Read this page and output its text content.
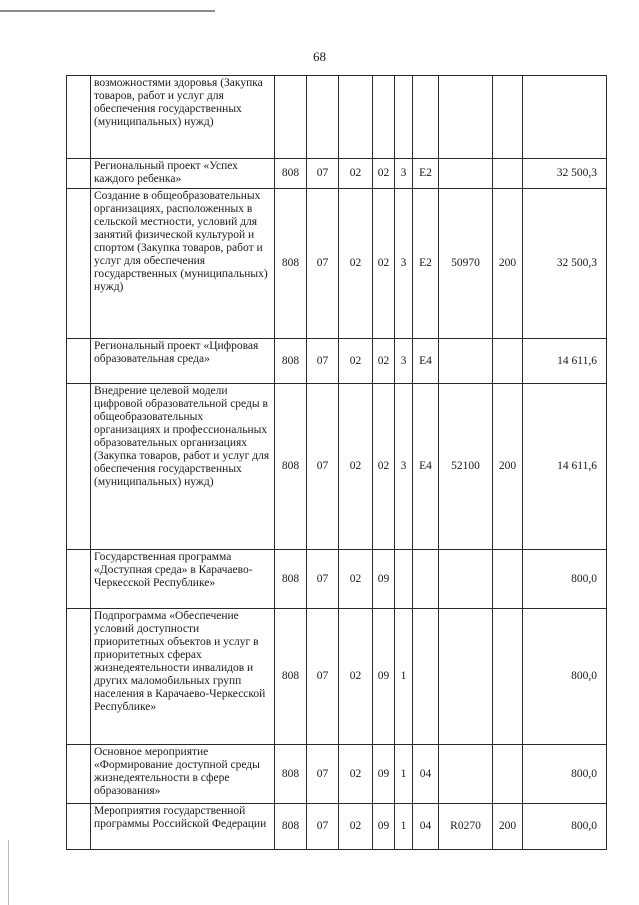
68
	возможностями здоровья (Закупка товаров, работ и услуг для обеспечения государственных (муниципальных) нужд)									
	Региональный проект «Успех каждого ребенка»	808	07	02	02	3	E2			32 500,3
	Создание в общеобразовательных организациях, расположенных в сельской местности, условий для занятий физической культурой и спортом (Закупка товаров, работ и услуг для обеспечения государственных (муниципальных) нужд)	808	07	02	02	3	E2	50970	200	32 500,3
	Региональный проект «Цифровая образовательная среда»	808	07	02	02	3	E4			14 611,6
	Внедрение целевой модели цифровой образовательной среды в общеобразовательных организациях и профессиональных образовательных организациях (Закупка товаров, работ и услуг для обеспечения государственных (муниципальных) нужд)	808	07	02	02	3	E4	52100	200	14 611,6
	Государственная программа «Доступная среда» в Карачаево-Черкесской Республике»	808	07	02	09					800,0
	Подпрограмма «Обеспечение условий доступности приоритетных объектов и услуг в приоритетных сферах жизнедеятельности инвалидов и других маломобильных групп населения в Карачаево-Черкесской Республике»	808	07	02	09	1				800,0
	Основное мероприятие «Формирование доступной среды жизнедеятельности в сфере образования»	808	07	02	09	1	04			800,0
	Мероприятия государственной программы Российской Федерации	808	07	02	09	1	04	R0270	200	800,0
